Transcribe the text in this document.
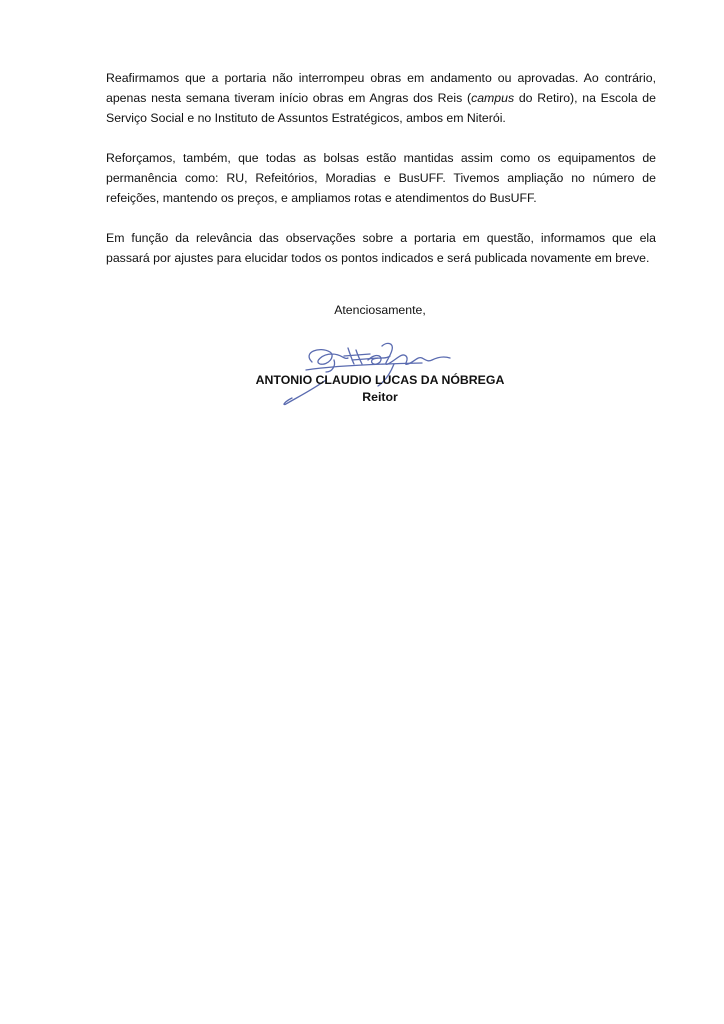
Reafirmamos que a portaria não interrompeu obras em andamento ou aprovadas. Ao contrário, apenas nesta semana tiveram início obras em Angras dos Reis (campus do Retiro), na Escola de Serviço Social e no Instituto de Assuntos Estratégicos, ambos em Niterói.

Reforçamos, também, que todas as bolsas estão mantidas assim como os equipamentos de permanência como: RU, Refeitórios, Moradias e BusUFF. Tivemos ampliação no número de refeições, mantendo os preços, e ampliamos rotas e atendimentos do BusUFF.

Em função da relevância das observações sobre a portaria em questão, informamos que ela passará por ajustes para elucidar todos os pontos indicados e será publicada novamente em breve.

Atenciosamente,
ANTONIO CLAUDIO LUCAS DA NÓBREGA
Reitor
